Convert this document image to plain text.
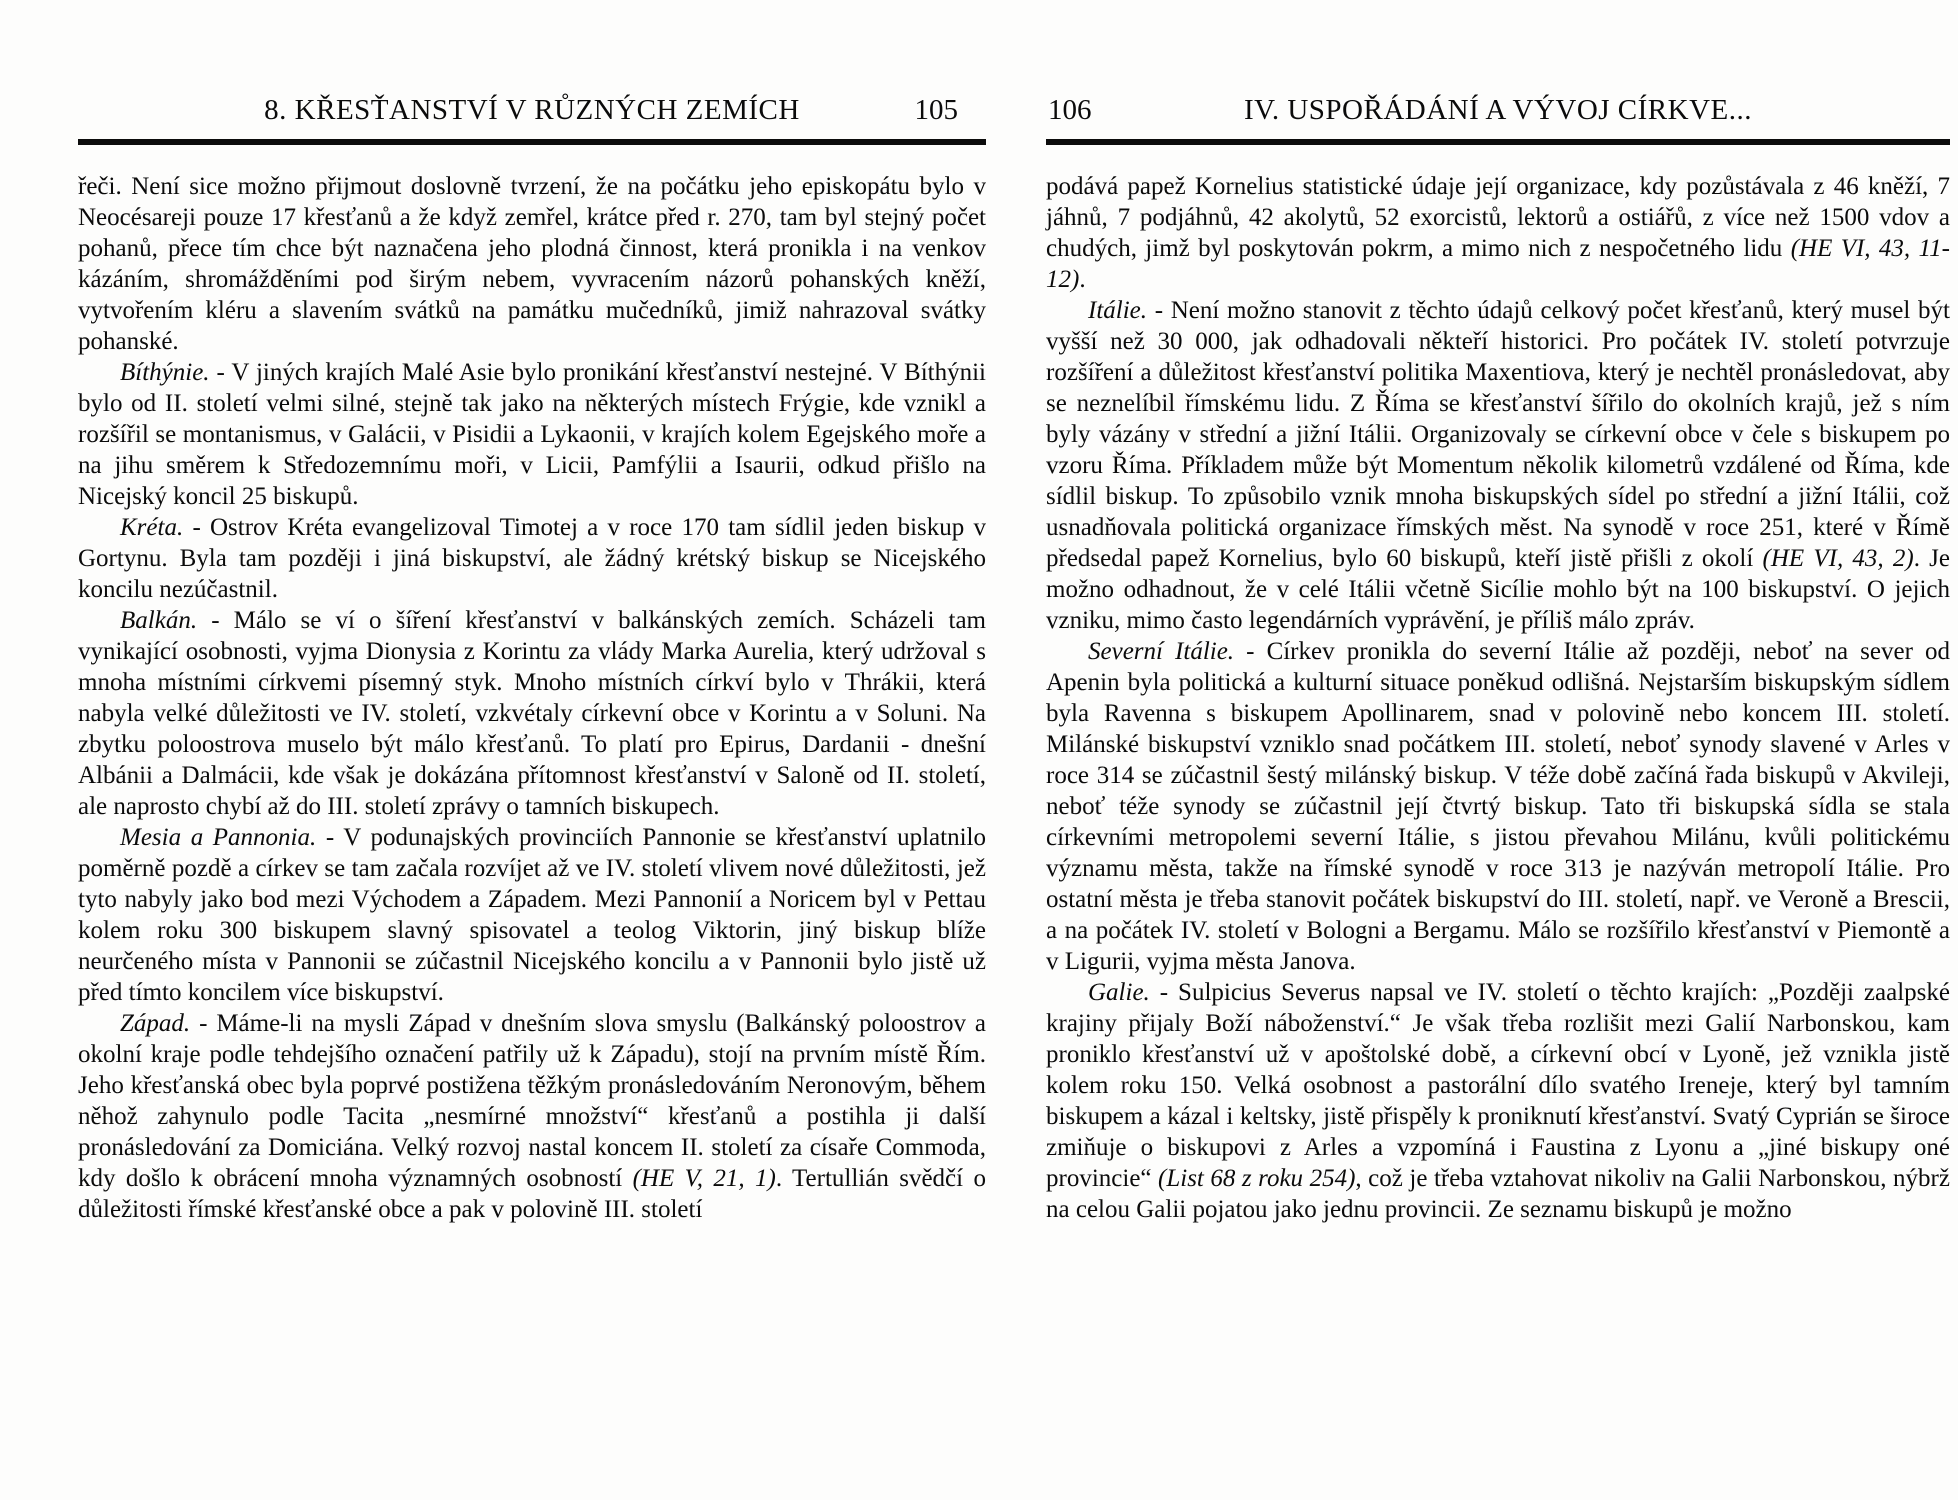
8. KŘESŤANSTVÍ V RŮZNÝCH ZEMÍCH	105

řeči. Není sice možno přijmout doslovně tvrzení, že na počátku jeho episkopátu bylo v Neocésareji pouze 17 křesťanů a že když zemřel, krátce před r. 270, tam byl stejný počet pohanů, přece tím chce být naznačena jeho plodná činnost, která pronikla i na venkov kázáním, shromážděními pod širým nebem, vyvracením názorů pohanských kněží, vytvořením kléru a slavením svátků na památku mučedníků, jimiž nahrazoval svátky pohanské.

Bíthýnie. - V jiných krajích Malé Asie bylo pronikání křesťanství nestejné. V Bíthýnii bylo od II. století velmi silné, stejně tak jako na některých místech Frýgie, kde vznikl a rozšířil se montanismus, v Galácii, v Pisidii a Lykaonii, v krajích kolem Egejského moře a na jihu směrem k Středozemnímu moři, v Licii, Pamfýlii a Isaurii, odkud přišlo na Nicejský koncil 25 biskupů.

Kréta. - Ostrov Kréta evangelizoval Timotej a v roce 170 tam sídlil jeden biskup v Gortynu. Byla tam později i jiná biskupství, ale žádný krétský biskup se Nicejského koncilu nezúčastnil.

Balkán. - Málo se ví o šíření křesťanství v balkánských zemích. Scházeli tam vynikající osobnosti, vyjma Dionysia z Korintu za vlády Marka Aurelia, který udržoval s mnoha místními církvemi písemný styk. Mnoho místních církví bylo v Thrákii, která nabyla velké důležitosti ve IV. století, vzkvétaly církevní obce v Korintu a v Soluni. Na zbytku poloostrova muselo být málo křesťanů. To platí pro Epirus, Dardanii - dnešní Albánii a Dalmácii, kde však je dokázána přítomnost křesťanství v Saloně od II. století, ale naprosto chybí až do III. století zprávy o tamních biskupech.

Mesia a Pannonia. - V podunajských provinciích Pannonie se křesťanství uplatnilo poměrně pozdě a církev se tam začala rozvíjet až ve IV. století vlivem nové důležitosti, jež tyto nabyly jako bod mezi Východem a Západem. Mezi Pannonií a Noricem byl v Pettau kolem roku 300 biskupem slavný spisovatel a teolog Viktorin, jiný biskup blíže neurčeného místa v Pannonii se zúčastnil Nicejského koncilu a v Pannonii bylo jistě už před tímto koncilem více biskupství.

Západ. - Máme-li na mysli Západ v dnešním slova smyslu (Balkánský poloostrov a okolní kraje podle tehdejšího označení patřily už k Západu), stojí na prvním místě Řím. Jeho křesťanská obec byla poprvé postižena těžkým pronásledováním Neronovým, během něhož zahynulo podle Tacita „nesmírné množství“ křesťanů a postihla ji další pronásledování za Domiciána. Velký rozvoj nastal koncem II. století za císaře Commoda, kdy došlo k obrácení mnoha významných osobností (HE V, 21, 1). Tertullián svědčí o důležitosti římské křesťanské obce a pak v polovině III. století

106	IV. USPOŘÁDÁNÍ A VÝVOJ CÍRKVE...

podává papež Kornelius statistické údaje její organizace, kdy pozůstávala z 46 kněží, 7 jáhnů, 7 podjáhnů, 42 akolytů, 52 exorcistů, lektorů a ostiářů, z více než 1500 vdov a chudých, jimž byl poskytován pokrm, a mimo nich z nespočetného lidu (HE VI, 43, 11-12).

Itálie. - Není možno stanovit z těchto údajů celkový počet křesťanů, který musel být vyšší než 30 000, jak odhadovali někteří historici. Pro počátek IV. století potvrzuje rozšíření a důležitost křesťanství politika Maxentiova, který je nechtěl pronásledovat, aby se neznelíbil římskému lidu. Z Říma se křesťanství šířilo do okolních krajů, jež s ním byly vázány v střední a jižní Itálii. Organizovaly se církevní obce v čele s biskupem po vzoru Říma. Příkladem může být Momentum několik kilometrů vzdálené od Říma, kde sídlil biskup. To způsobilo vznik mnoha biskupských sídel po střední a jižní Itálii, což usnadňovala politická organizace římských měst. Na synodě v roce 251, které v Římě předsedal papež Kornelius, bylo 60 biskupů, kteří jistě přišli z okolí (HE VI, 43, 2). Je možno odhadnout, že v celé Itálii včetně Sicílie mohlo být na 100 biskupství. O jejich vzniku, mimo často legendárních vyprávění, je příliš málo zpráv.

Severní Itálie. - Církev pronikla do severní Itálie až později, neboť na sever od Apenin byla politická a kulturní situace poněkud odlišná. Nejstarším biskupským sídlem byla Ravenna s biskupem Apollinarem, snad v polovině nebo koncem III. století. Milánské biskupství vzniklo snad počátkem III. století, neboť synody slavené v Arles v roce 314 se zúčastnil šestý milánský biskup. V téže době začíná řada biskupů v Akvileji, neboť téže synody se zúčastnil její čtvrtý biskup. Tato tři biskupská sídla se stala církevními metropolemi severní Itálie, s jistou převahou Milánu, kvůli politickému významu města, takže na římské synodě v roce 313 je nazýván metropolí Itálie. Pro ostatní města je třeba stanovit počátek biskupství do III. století, např. ve Veroně a Brescii, a na počátek IV. století v Bologni a Bergamu. Málo se rozšířilo křesťanství v Piemontě a v Ligurii, vyjma města Janova.

Galie. - Sulpicius Severus napsal ve IV. století o těchto krajích: „Později zaalpské krajiny přijaly Boží náboženství.“ Je však třeba rozlišit mezi Galií Narbonskou, kam proniklo křesťanství už v apoštolské době, a církevní obcí v Lyoně, jež vznikla jistě kolem roku 150. Velká osobnost a pastorální dílo svatého Ireneje, který byl tamním biskupem a kázal i keltsky, jistě přispěly k proniknutí křesťanství. Svatý Cyprián se široce zmiňuje o biskupovi z Arles a vzpomíná i Faustina z Lyonu a „jiné biskupy oné provincie“ (List 68 z roku 254), což je třeba vztahovat nikoliv na Galii Narbonskou, nýbrž na celou Galii pojatou jako jednu provincii. Ze seznamu biskupů je možno
